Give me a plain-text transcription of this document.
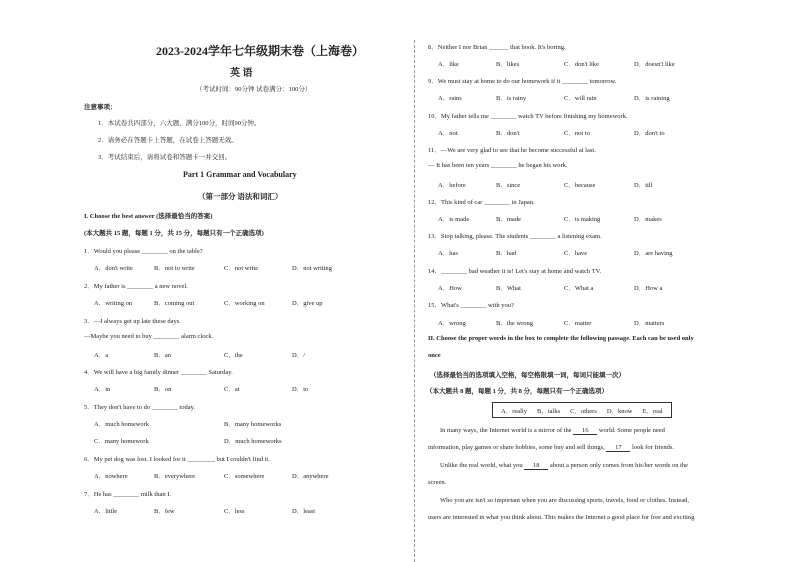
2023-2024学年七年级期末卷（上海卷）
英 语
（考试时间：90分钟 试卷满分：100分）
注意事项：
1．本试卷共四部分，六大题，满分100分，时间90分钟。
2．请务必在答题卡上答题，在试卷上答题无效。
3．考试结束后，请将试卷和答题卡一并交回。
Part 1 Grammar and Vocabulary
（第一部分 语法和词汇）
I. Choose the best answer (选择最恰当的答案)
(本大题共 15 题，每题 1 分，共 15 分，每题只有一个正确选项)
1．Would you please ________ on the table?
A．don't write	B．not to write	C．not write	D．not writing
2．My father is ________ a new novel.
A．writing on	B．coming out	C．working on	D．give up
3．—I always get up late these days.
—Maybe you need to buy ________ alarm clock.
A．a	B．an	C．the	D．/
4．We will have a big family dinner ________ Saturday.
A．in	B．on	C．at	D．to
5．They don't have to do ________ today.
A．much homework	B．many homeworks
C．many homework	D．much homeworks
6．My pet dog was lost. I looked for it ________, but I couldn't find it.
A．nowhere	B．everywhere	C．somewhere	D．anywhere
7．He has ________ milk than I.
A．little	B．few	C．less	D．least
8．Neither I nor Brian ______ that book. It's boring.
A．like	B．likes	C．don't like	D．doesn't like
9．We must stay at home to do our homework if it ________ tomorrow.
A．rains	B．is rainy	C．will rain	D．is raining
10．My father tells me ________ watch TV before finishing my homework.
A．not	B．don't	C．not to	D．don't to
11．—We are very glad to see that he become successful at last.
— It has been ten years ________ he began his work.
A．before	B．since	C．because	D．till
12．This kind of car ________ in Japan.
A．is made	B．made	C．is making	D．makes
13．Stop talking, please. The students ________ a listening exam.
A．has	B．had	C．have	D．are having
14．________ bad weather it is! Let's stay at home and watch TV.
A．How	B．What	C．What a	D．How a
15．What's ________ with you?
A．wrong	B．the wrong	C．matter	D．matters
II. Choose the proper words in the box to complete the following passage. Each can be used only
once
（选择最恰当的选项填入空格，每空格限填一词，每词只能填一次）
（本大题共 8 题，每题 1 分，共 8 分，每题只有一个正确选项）
A．really B．talks C．others D．know E．real
In many ways, the Internet world is a mirror of the 16 world. Some people need
information, play games or share hobbies, some buy and sell things, 17 look for friends.
Unlike the real world, what you 18 about a person only comes from his/her words on the
screen.
Who you are isn't so important when you are discussing sports, travels, food or clothes. Instead,
users are interested in what you think about. This makes the Internet a good place for free and exciting
